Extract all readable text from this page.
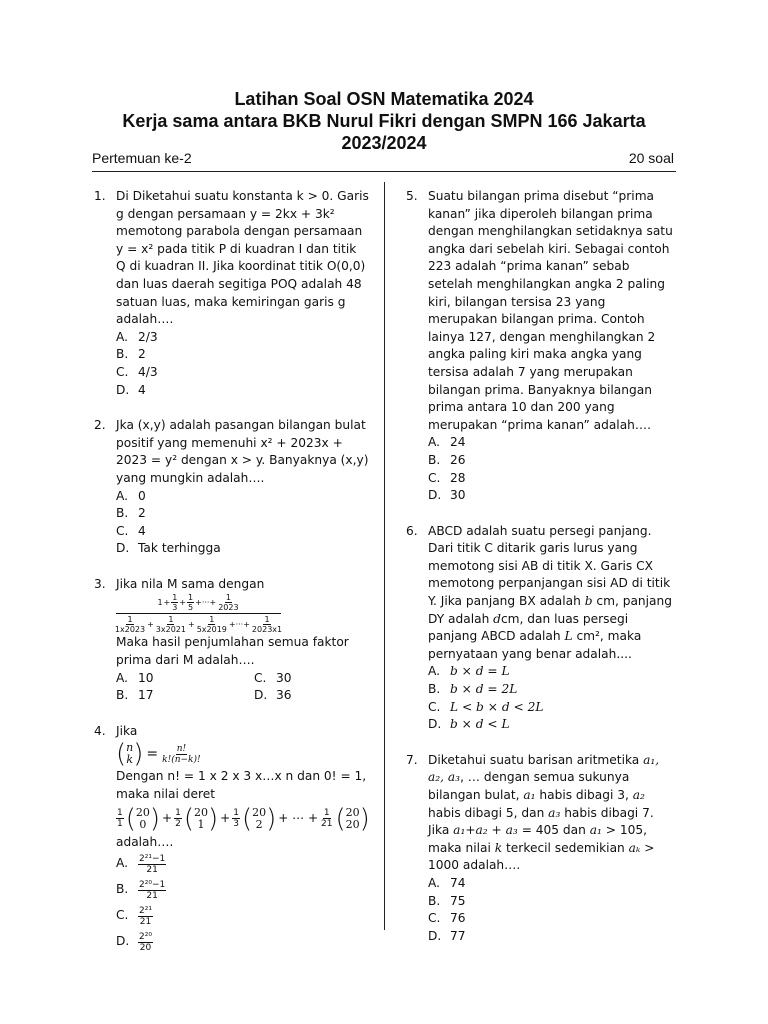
Latihan Soal OSN Matematika 2024
Kerja sama antara BKB Nurul Fikri dengan SMPN 166 Jakarta
2023/2024
Pertemuan ke-2	20 soal
1. Di Diketahui suatu konstanta k > 0. Garis g dengan persamaan y = 2kx + 3k² memotong parabola dengan persamaan y = x² pada titik P di kuadran I dan titik Q di kuadran II. Jika koordinat titik O(0,0) dan luas daerah segitiga POQ adalah 48 satuan luas, maka kemiringan garis g adalah….
A. 2/3
B. 2
C. 4/3
D. 4
2. Jka (x,y) adalah pasangan bilangan bulat positif yang memenuhi x² + 2023x + 2023 = y² dengan x > y. Banyaknya (x,y) yang mungkin adalah….
A. 0
B. 2
C. 4
D. Tak terhingga
3. Jika nila M sama dengan
$1 + \frac{1}{3} + \frac{1}{5}$ +···+ $\frac{1}{2023}$
$\frac{1}{1x2023} + \frac{1}{3x2021} + \frac{1}{5x2019}$ +···+ $\frac{1}{2023x1}$
Maka hasil penjumlahan semua faktor prima dari M adalah….
A. 10	C. 30
B. 17	D. 36
4. Jika
( n
k ) = $\frac{n!}{k!(n-k)!}$
Dengan n! = 1 x 2 x 3 x…x n dan 0! = 1, maka nilai deret
$\frac{1}{1}$ ( 20
0 ) + $\frac{1}{2}$ ( 20
1 ) + $\frac{1}{3}$ ( 20
2 ) + ⋯ + $\frac{1}{21}$ ( 20
20 )
adalah….
A. $\frac{\text{2²¹−1}}{21}$
B. $\frac{\text{2²⁰−1}}{21}$
C. $\frac{\text{2²¹}}{21}$
D. $\frac{\text{2²⁰}}{20}$
5. Suatu bilangan prima disebut “prima kanan” jika diperoleh bilangan prima dengan menghilangkan setidaknya satu angka dari sebelah kiri. Sebagai contoh 223 adalah “prima kanan” sebab setelah menghilangkan angka 2 paling kiri, bilangan tersisa 23 yang merupakan bilangan prima. Contoh lainya 127, dengan menghilangkan 2 angka paling kiri maka angka yang tersisa adalah 7 yang merupakan bilangan prima. Banyaknya bilangan prima antara 10 dan 200 yang merupakan “prima kanan” adalah….
A. 24
B. 26
C. 28
D. 30
6. ABCD adalah suatu persegi panjang. Dari titik C ditarik garis lurus yang memotong sisi AB di titik X. Garis CX memotong perpanjangan sisi AD di titik Y. Jika panjang BX adalah b cm, panjang DY adalah dcm, dan luas persegi panjang ABCD adalah L cm², maka pernyataan yang benar adalah....
A. b × d = L
B. b × d = 2L
C. L < b × d < 2L
D. b × d < L
7. Diketahui suatu barisan aritmetika a₁, a₂, a₃, … dengan semua sukunya bilangan bulat, a₁ habis dibagi 3, a₂ habis dibagi 5, dan a₃ habis dibagi 7. Jika a₁+a₂ + a₃ = 405 dan a₁ > 105, maka nilai k terkecil sedemikian aₖ > 1000 adalah….
A. 74
B. 75
C. 76
D. 77
